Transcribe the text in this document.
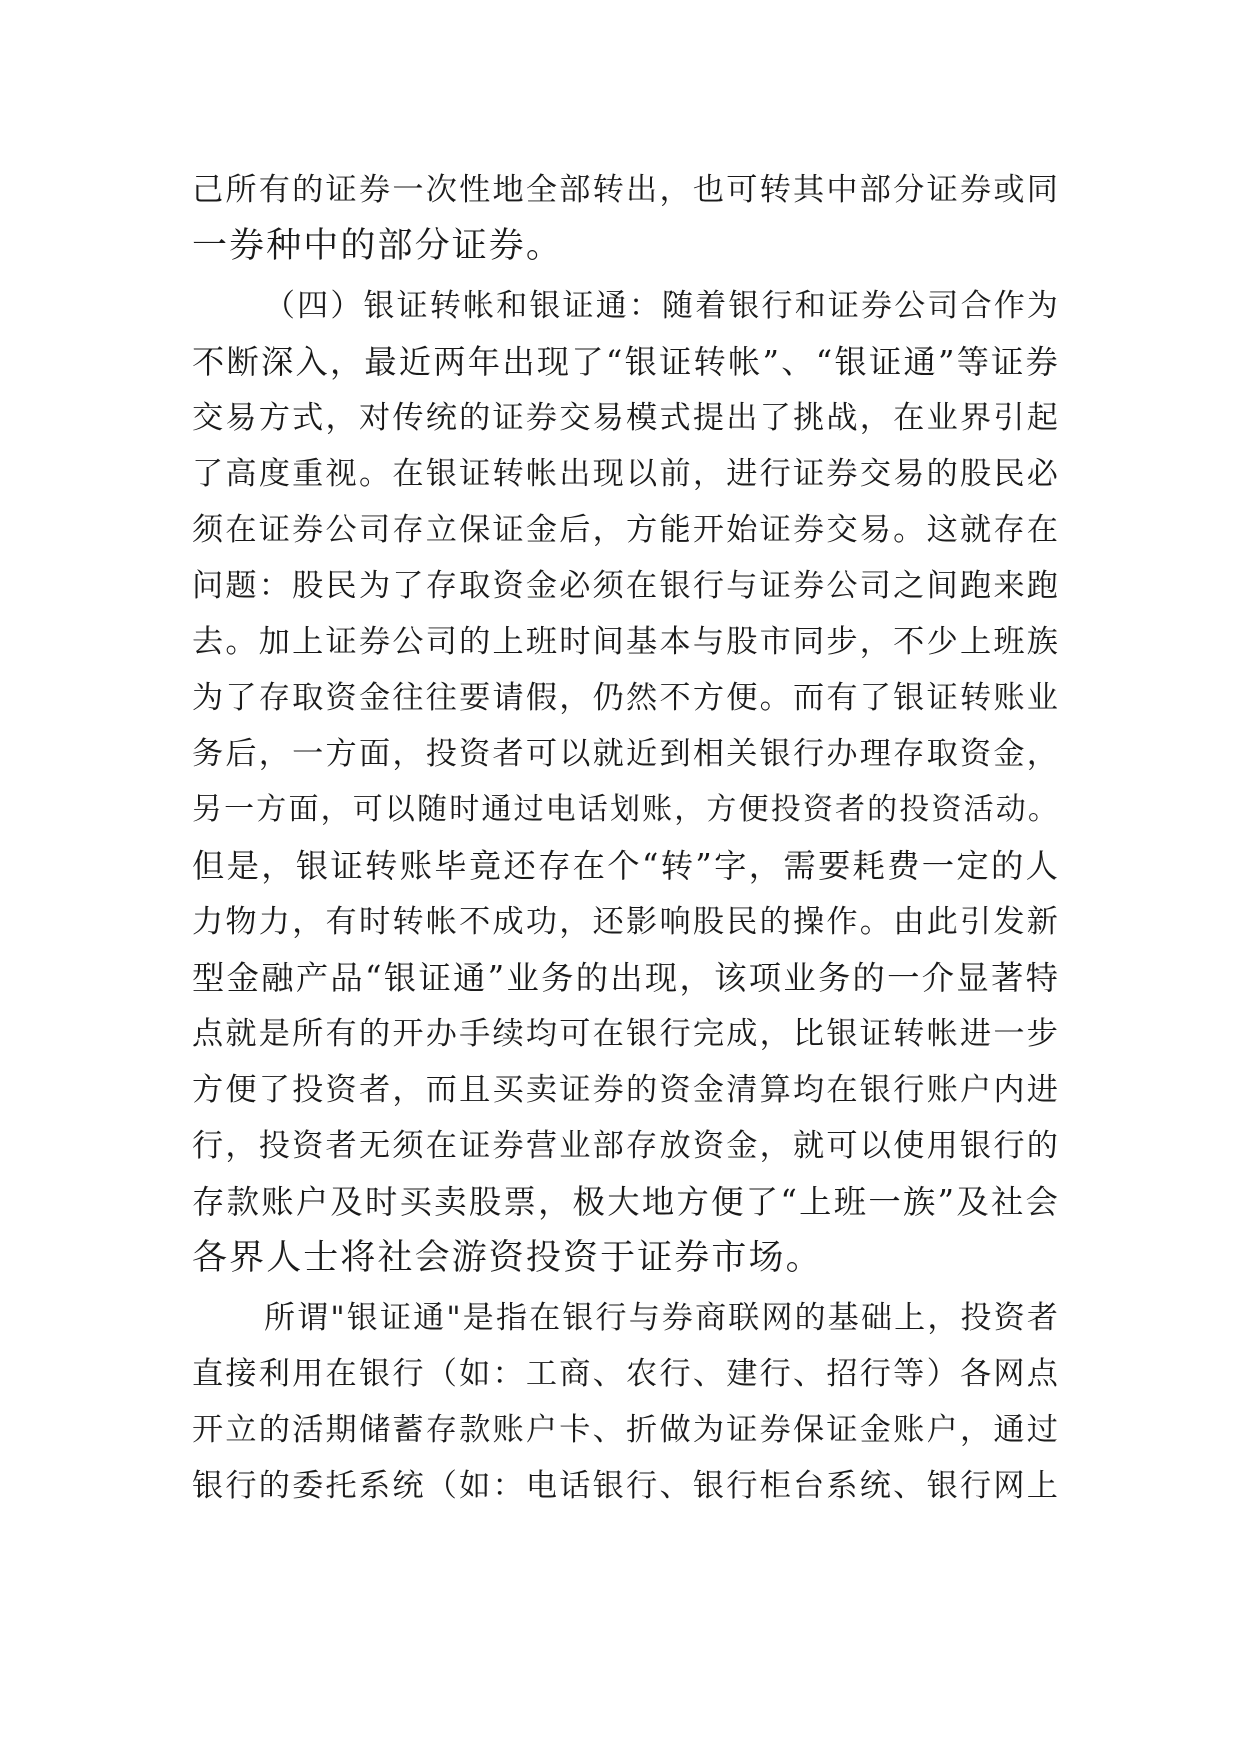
己所有的证券一次性地全部转出，也可转其中部分证券或同
一券种中的部分证券。
（四）银证转帐和银证通：随着银行和证券公司合作为
不断深入，最近两年出现了“银证转帐”、“银证通”等证券
交易方式，对传统的证券交易模式提出了挑战，在业界引起
了高度重视。在银证转帐出现以前，进行证券交易的股民必
须在证券公司存立保证金后，方能开始证券交易。这就存在
问题：股民为了存取资金必须在银行与证券公司之间跑来跑
去。加上证券公司的上班时间基本与股市同步，不少上班族
为了存取资金往往要请假，仍然不方便。而有了银证转账业
务后，一方面，投资者可以就近到相关银行办理存取资金，
另一方面，可以随时通过电话划账，方便投资者的投资活动。
但是，银证转账毕竟还存在个“转”字，需要耗费一定的人
力物力，有时转帐不成功，还影响股民的操作。由此引发新
型金融产品“银证通”业务的出现，该项业务的一介显著特
点就是所有的开办手续均可在银行完成，比银证转帐进一步
方便了投资者，而且买卖证券的资金清算均在银行账户内进
行，投资者无须在证券营业部存放资金，就可以使用银行的
存款账户及时买卖股票，极大地方便了“上班一族”及社会
各界人士将社会游资投资于证券市场。
所谓"银证通"是指在银行与券商联网的基础上，投资者
直接利用在银行（如：工商、农行、建行、招行等）各网点
开立的活期储蓄存款账户卡、折做为证券保证金账户，通过
银行的委托系统（如：电话银行、银行柜台系统、银行网上
